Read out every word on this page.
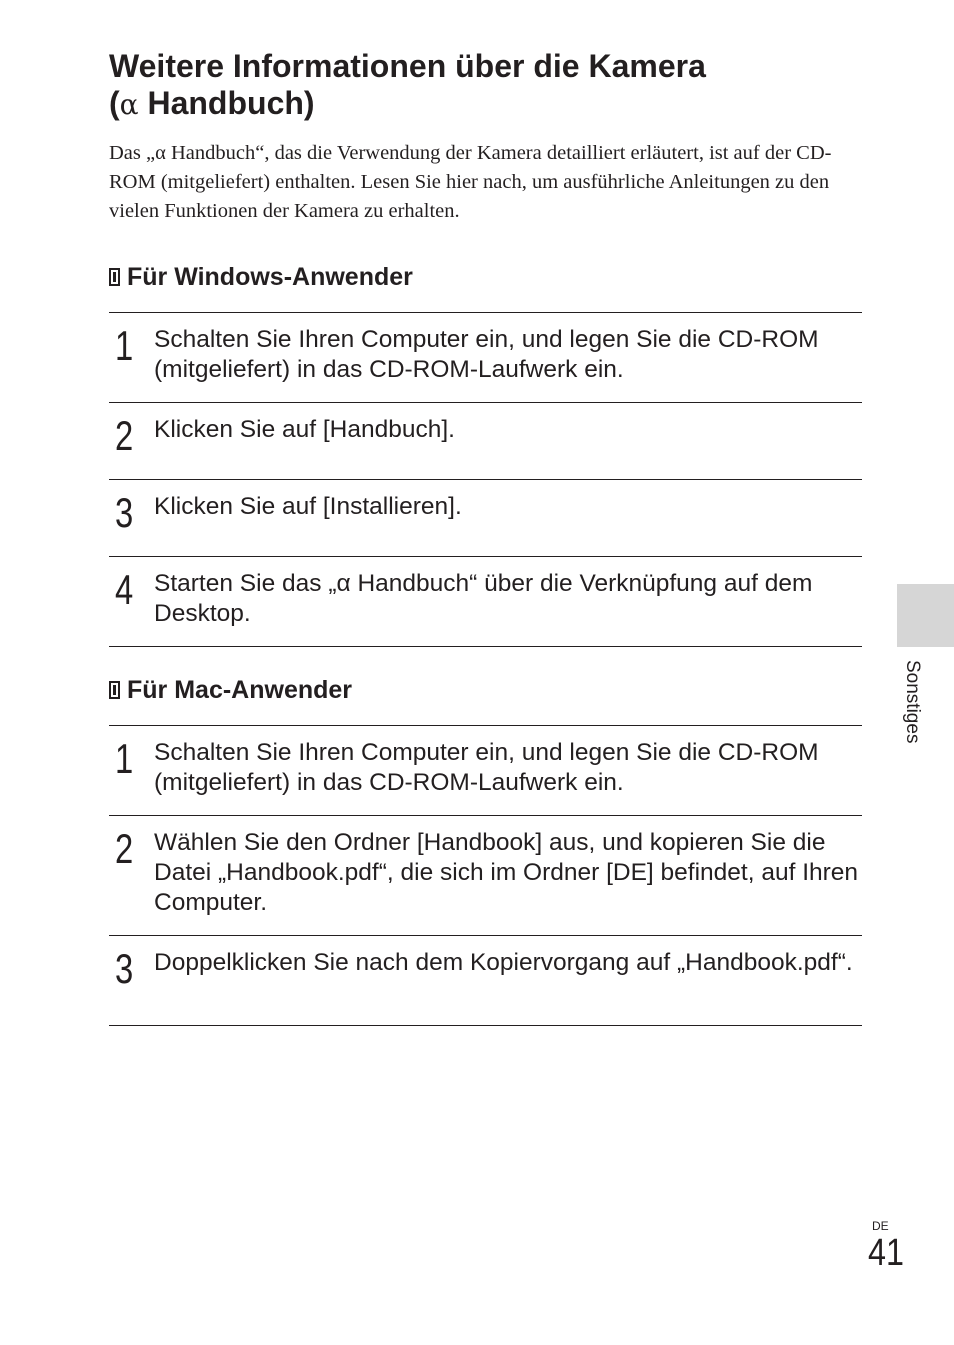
Weitere Informationen über die Kamera
(α Handbuch)

Das „α Handbuch“, das die Verwendung der Kamera detailliert erläutert, ist auf der CD-ROM (mitgeliefert) enthalten. Lesen Sie hier nach, um ausführliche Anleitungen zu den vielen Funktionen der Kamera zu erhalten.

Für Windows-Anwender
1 Schalten Sie Ihren Computer ein, und legen Sie die CD-ROM (mitgeliefert) in das CD-ROM-Laufwerk ein.
2 Klicken Sie auf [Handbuch].
3 Klicken Sie auf [Installieren].
4 Starten Sie das „α Handbuch“ über die Verknüpfung auf dem Desktop.
Für Mac-Anwender
1 Schalten Sie Ihren Computer ein, und legen Sie die CD-ROM (mitgeliefert) in das CD-ROM-Laufwerk ein.
2 Wählen Sie den Ordner [Handbook] aus, und kopieren Sie die Datei „Handbook.pdf“, die sich im Ordner [DE] befindet, auf Ihren Computer.
3 Doppelklicken Sie nach dem Kopiervorgang auf „Handbook.pdf“.
Sonstiges
DE
41
